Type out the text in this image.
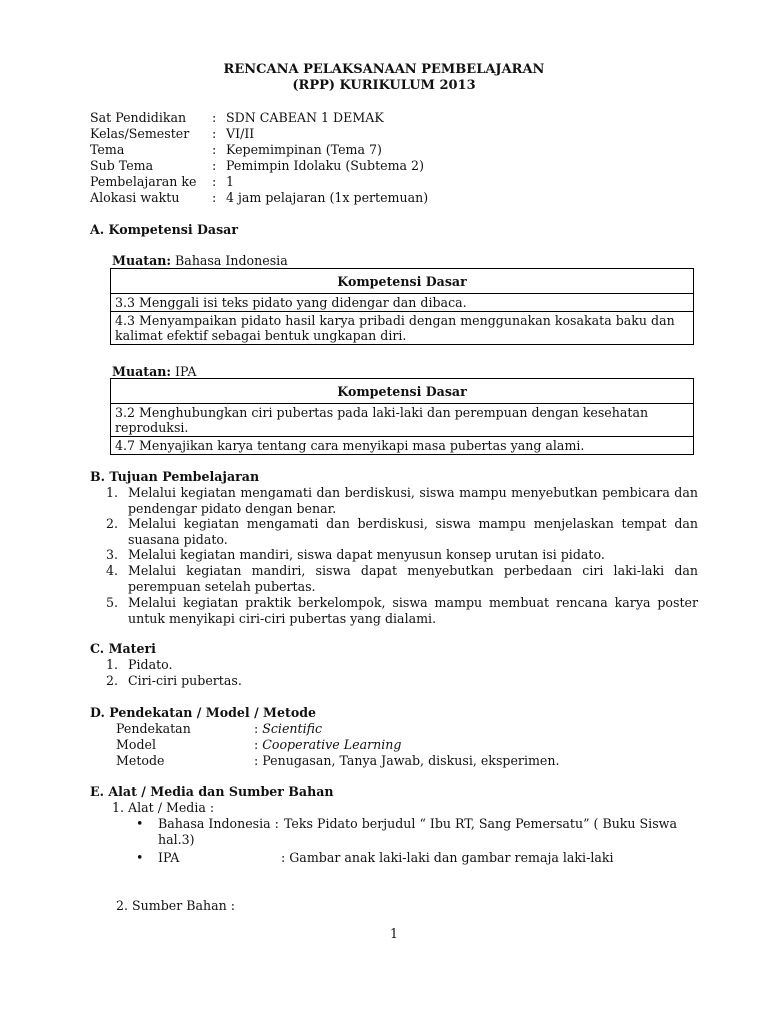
RENCANA PELAKSANAAN PEMBELAJARAN
(RPP) KURIKULUM 2013
Sat Pendidikan : SDN CABEAN 1 DEMAK
Kelas/Semester : VI/II
Tema	: Kepemimpinan (Tema 7)
Sub Tema	: Pemimpin Idolaku (Subtema 2)
Pembelajaran ke : 1
Alokasi waktu	: 4 jam pelajaran (1x pertemuan)
A. Kompetensi Dasar
Muatan: Bahasa Indonesia
Kompetensi Dasar
3.3 Menggali isi teks pidato yang didengar dan dibaca.
4.3 Menyampaikan pidato hasil karya pribadi dengan menggunakan kosakata baku dan kalimat efektif sebagai bentuk ungkapan diri.
Muatan: IPA
Kompetensi Dasar
3.2 Menghubungkan ciri pubertas pada laki-laki dan perempuan dengan kesehatan reproduksi.
4.7 Menyajikan karya tentang cara menyikapi masa pubertas yang alami.
B. Tujuan Pembelajaran
1. Melalui kegiatan mengamati dan berdiskusi, siswa mampu menyebutkan pembicara dan pendengar pidato dengan benar.
2. Melalui kegiatan mengamati dan berdiskusi, siswa mampu menjelaskan tempat dan suasana pidato.
3. Melalui kegiatan mandiri, siswa dapat menyusun konsep urutan isi pidato.
4. Melalui kegiatan mandiri, siswa dapat menyebutkan perbedaan ciri laki-laki dan perempuan setelah pubertas.
5. Melalui kegiatan praktik berkelompok, siswa mampu membuat rencana karya poster untuk menyikapi ciri-ciri pubertas yang dialami.
C. Materi
1. Pidato.
2. Ciri-ciri pubertas.
D. Pendekatan / Model / Metode
Pendekatan	: Scientific
Model	: Cooperative Learning
Metode	: Penugasan, Tanya Jawab, diskusi, eksperimen.
E. Alat / Media dan Sumber Bahan
1. Alat / Media :
• Bahasa Indonesia : Teks Pidato berjudul “ Ibu RT, Sang Pemersatu” ( Buku Siswa hal.3)
• IPA	: Gambar anak laki-laki dan gambar remaja laki-laki
2. Sumber Bahan :
1
